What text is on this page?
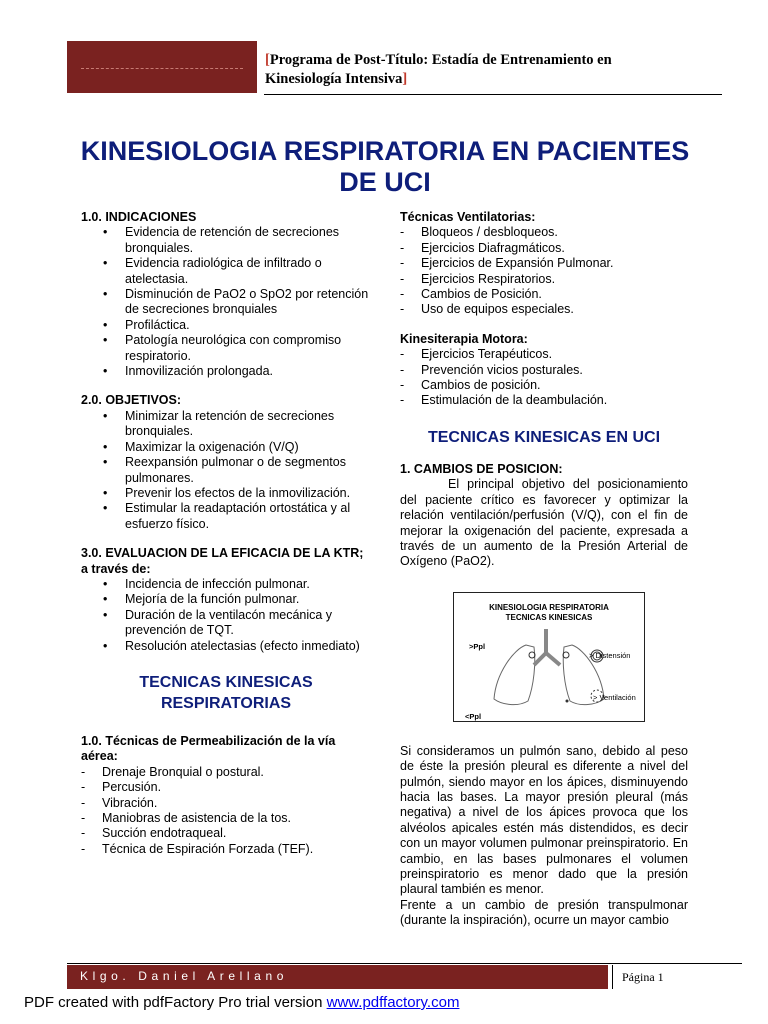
[Programa de Post-Título: Estadía de Entrenamiento en
Kinesiología Intensiva]
KINESIOLOGIA RESPIRATORIA EN PACIENTES
DE UCI

1.0. INDICACIONES

• Evidencia de retención de secreciones bronquiales.
• Evidencia radiológica de infiltrado o atelectasia.
• Disminución de PaO2 o SpO2 por retención de secreciones bronquiales
• Profiláctica.
• Patología neurológica con compromiso respiratorio.
• Inmovilización prolongada.

2.0. OBJETIVOS:

• Minimizar la retención de secreciones bronquiales.
• Maximizar la oxigenación (V/Q)
• Reexpansión pulmonar o de segmentos pulmonares.
• Prevenir los efectos de la inmovilización.
• Estimular la readaptación ortostática y al esfuerzo físico.

3.0. EVALUACION DE LA EFICACIA DE LA KTR; a través de:

• Incidencia de infección pulmonar.
• Mejoría de la función pulmonar.
• Duración de la ventilacón mecánica y prevención de TQT.
• Resolución atelectasias (efecto inmediato)
TECNICAS KINESICAS RESPIRATORIAS

1.0. Técnicas de Permeabilización de la vía aérea:

- Drenaje Bronquial o postural.
- Percusión.
- Vibración.
- Maniobras de asistencia de la tos.
- Succión endotraqueal.
- Técnica de Espiración Forzada (TEF).

Técnicas Ventilatorias:

- Bloqueos / desbloqueos.
- Ejercicios Diafragmáticos.
- Ejercicios de Expansión Pulmonar.
- Ejercicios Respiratorios.
- Cambios de Posición.
- Uso de equipos especiales.

Kinesiterapia Motora:

- Ejercicios Terapéuticos.
- Prevención vicios posturales.
- Cambios de posición.
- Estimulación de la deambulación.
TECNICAS KINESICAS EN UCI

1. CAMBIOS DE POSICION:

El principal objetivo del posicionamiento del paciente crítico es favorecer y optimizar la relación ventilación/perfusión (V/Q), con el fin de mejorar la oxigenación del paciente, expresada a través de un aumento de la Presión Arterial de Oxígeno (PaO2).

KINESIOLOGIA RESPIRATORIA
TECNICAS KINESICAS
>Ppl
<Ppl
> Distensión
> Ventilación

Si consideramos un pulmón sano, debido al peso de éste la presión pleural es diferente a nivel del pulmón, siendo mayor en los ápices, disminuyendo hacia las bases. La mayor presión pleural (más negativa) a nivel de los ápices provoca que los alvéolos apicales estén más distendidos, es decir con un mayor volumen pulmonar preinspiratorio. En cambio, en las bases pulmonares el volumen preinspiratorio es menor dado que la presión plaural también es menor.

Frente a un cambio de presión transpulmonar (durante la inspiración), ocurre un mayor cambio

Klgo. Daniel Arellano	Página 1
PDF created with pdfFactory Pro trial version www.pdffactory.com
